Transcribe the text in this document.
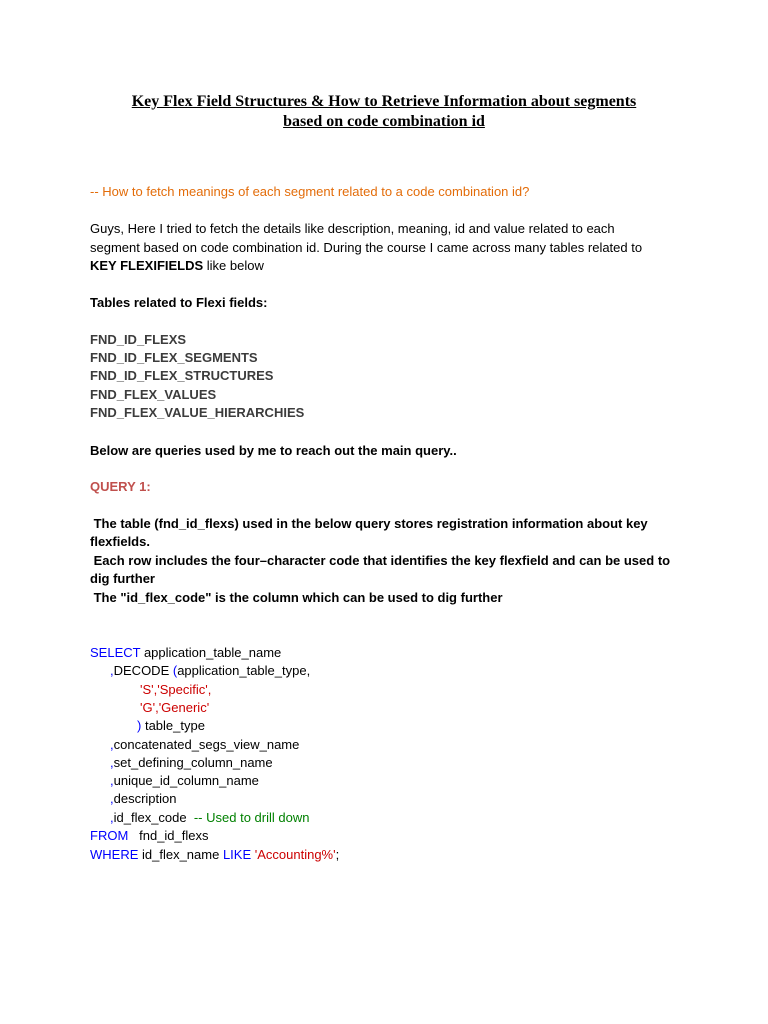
Key Flex Field Structures & How to Retrieve Information about segments
based on code combination id
-- How to fetch meanings of each segment related to a code combination id?
Guys, Here I tried to fetch the details like description, meaning, id and value related to each
segment based on code combination id. During the course I came across many tables related to
KEY FLEXIFIELDS like below
Tables related to Flexi fields:
FND_ID_FLEXS
FND_ID_FLEX_SEGMENTS
FND_ID_FLEX_STRUCTURES
FND_FLEX_VALUES
FND_FLEX_VALUE_HIERARCHIES
Below are queries used by me to reach out the main query..
QUERY 1:
The table (fnd_id_flexs) used in the below query stores registration information about key
flexfields.
Each row includes the four–character code that identifies the key flexfield and can be used to
dig further
The "id_flex_code" is the column which can be used to dig further
SELECT application_table_name
,DECODE (application_table_type,
'S','Specific',
'G','Generic'
) table_type
,concatenated_segs_view_name
,set_defining_column_name
,unique_id_column_name
,description
,id_flex_code  -- Used to drill down
FROM   fnd_id_flexs
WHERE id_flex_name LIKE 'Accounting%';
